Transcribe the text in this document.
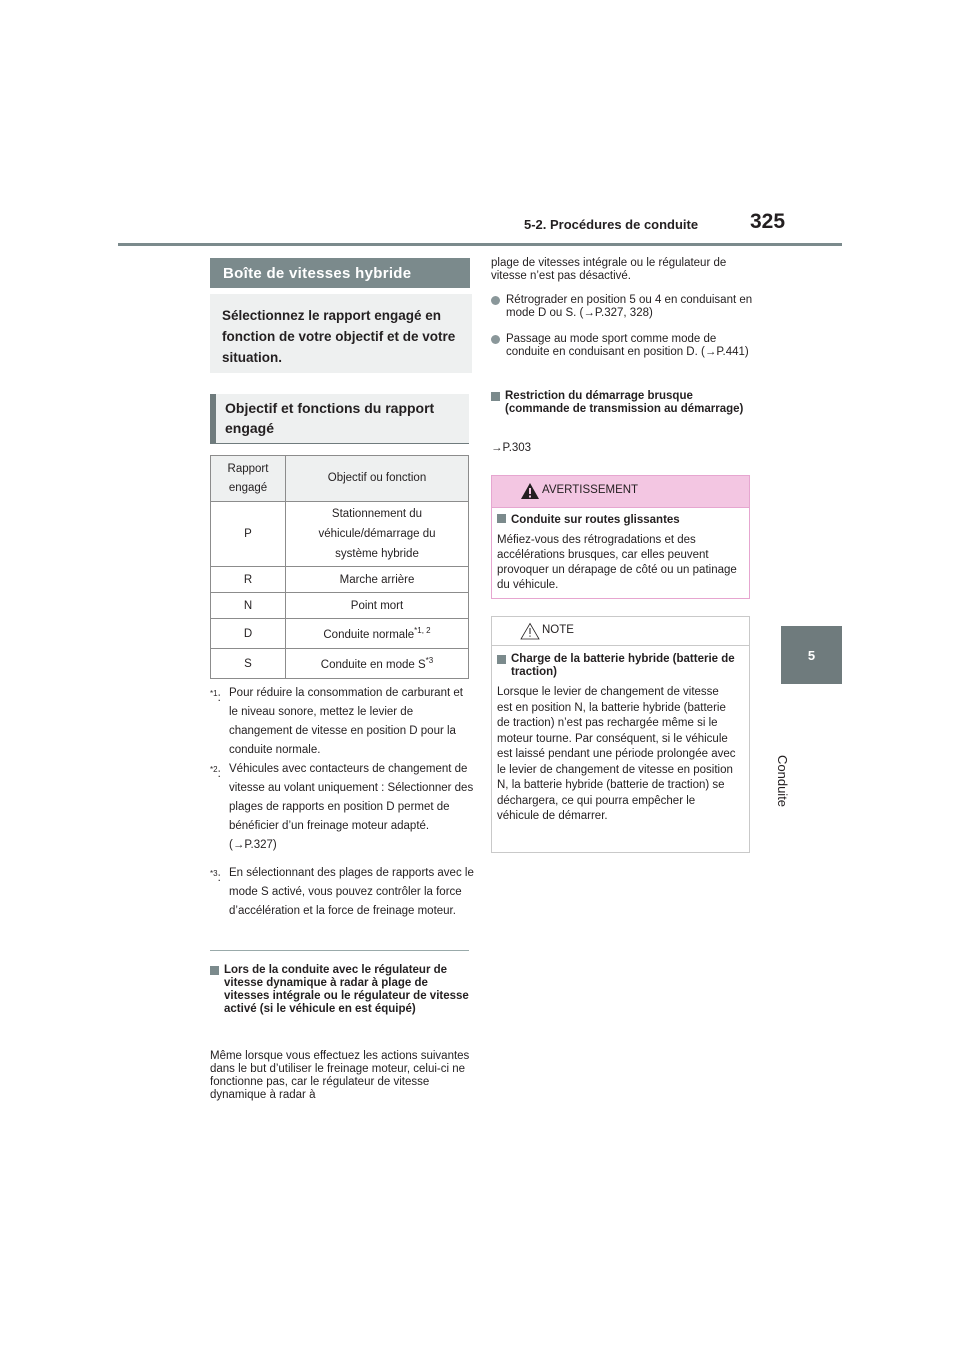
5-2. Procédures de conduite 325
5
Conduite
Boîte de vitesses hybride
Sélectionnez le rapport engagé en fonction de votre objectif et de votre situation.
Objectif et fonctions du rapport engagé
Rapport engagé	Objectif ou fonction
P	Stationnement du véhicule/démarrage du système hybride

R	Marche arrière
N	Point mort
D	Conduite normale$^{*1, 2}$
S	Conduite en mode $S^{*3}$
$^{*1}$: Pour réduire la consommation de carburant et le niveau sonore, mettez le levier de changement de vitesse en position D pour la conduite normale.
$^{*2}$: Véhicules avec contacteurs de changement de vitesse au volant uniquement : Sélectionner des plages de rapports en position D permet de bénéficier d’un freinage moteur adapté. (→P.327)
$^{*3}$: En sélectionnant des plages de rapports avec le mode S activé, vous pouvez contrôler la force d’accélération et la force de freinage moteur.
Lors de la conduite avec le régulateur de vitesse dynamique à radar à plage de vitesses intégrale ou le régulateur de vitesse activé (si le véhicule en est équipé)
Même lorsque vous effectuez les actions suivantes dans le but d’utiliser le freinage moteur, celui-ci ne fonctionne pas, car le régulateur de vitesse dynamique à radar à
plage de vitesses intégrale ou le régulateur de vitesse n’est pas désactivé.
Rétrograder en position 5 ou 4 en conduisant en mode D ou S. (→P.327, 328)
Passage au mode sport comme mode de conduite en conduisant en position D. (→P.441)
Restriction du démarrage brusque (commande de transmission au démarrage)
→P.303
AVERTISSEMENT
Conduite sur routes glissantes
Méfiez-vous des rétrogradations et des accélérations brusques, car elles peuvent provoquer un dérapage de côté ou un patinage du véhicule.
NOTE
Charge de la batterie hybride (batterie de traction)
Lorsque le levier de changement de vitesse est en position N, la batterie hybride (batterie de traction) n’est pas rechargée même si le moteur tourne. Par conséquent, si le véhicule est laissé pendant une période prolongée avec le levier de changement de vitesse en position N, la batterie hybride (batterie de traction) se déchargera, ce qui pourra empêcher le véhicule de démarrer.
